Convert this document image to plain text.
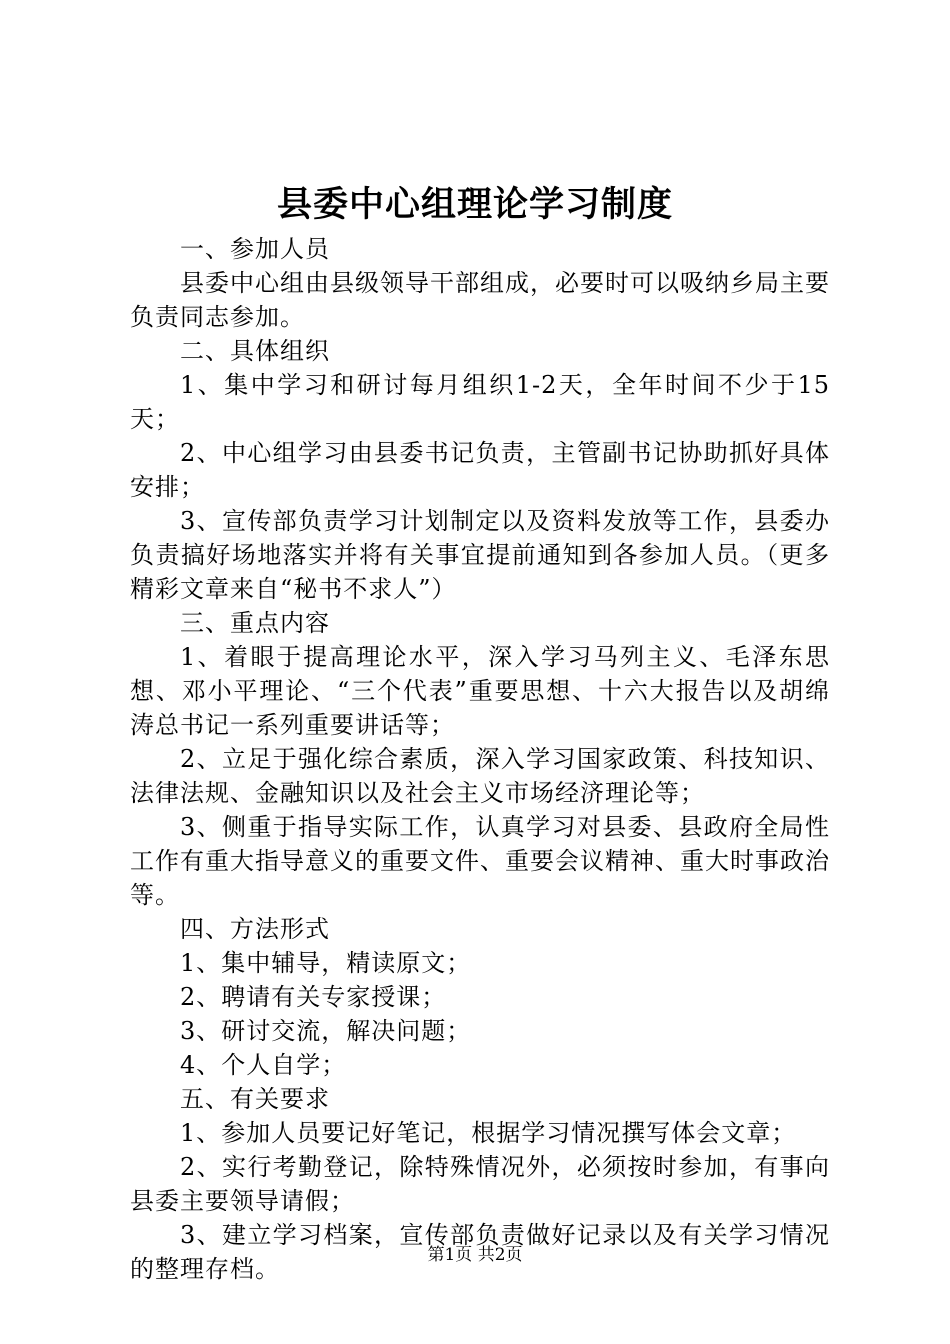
县委中心组理论学习制度

一、参加人员

县委中心组由县级领导干部组成，必要时可以吸纳乡局主要负责同志参加。

二、具体组织

1、集中学习和研讨每月组织1-2天，全年时间不少于15天；

2、中心组学习由县委书记负责，主管副书记协助抓好具体安排；

3、宣传部负责学习计划制定以及资料发放等工作，县委办负责搞好场地落实并将有关事宜提前通知到各参加人员。（更多精彩文章来自“秘书不求人”）

三、重点内容

1、着眼于提高理论水平，深入学习马列主义、毛泽东思想、邓小平理论、“三个代表”重要思想、十六大报告以及胡绵涛总书记一系列重要讲话等；

2、立足于强化综合素质，深入学习国家政策、科技知识、法律法规、金融知识以及社会主义市场经济理论等；

3、侧重于指导实际工作，认真学习对县委、县政府全局性工作有重大指导意义的重要文件、重要会议精神、重大时事政治等。

四、方法形式

1、集中辅导，精读原文；

2、聘请有关专家授课；

3、研讨交流，解决问题；

4、个人自学；

五、有关要求

1、参加人员要记好笔记，根据学习情况撰写体会文章；

2、实行考勤登记，除特殊情况外，必须按时参加，有事向县委主要领导请假；

3、建立学习档案，宣传部负责做好记录以及有关学习情况的整理存档。	第1页 共2页
